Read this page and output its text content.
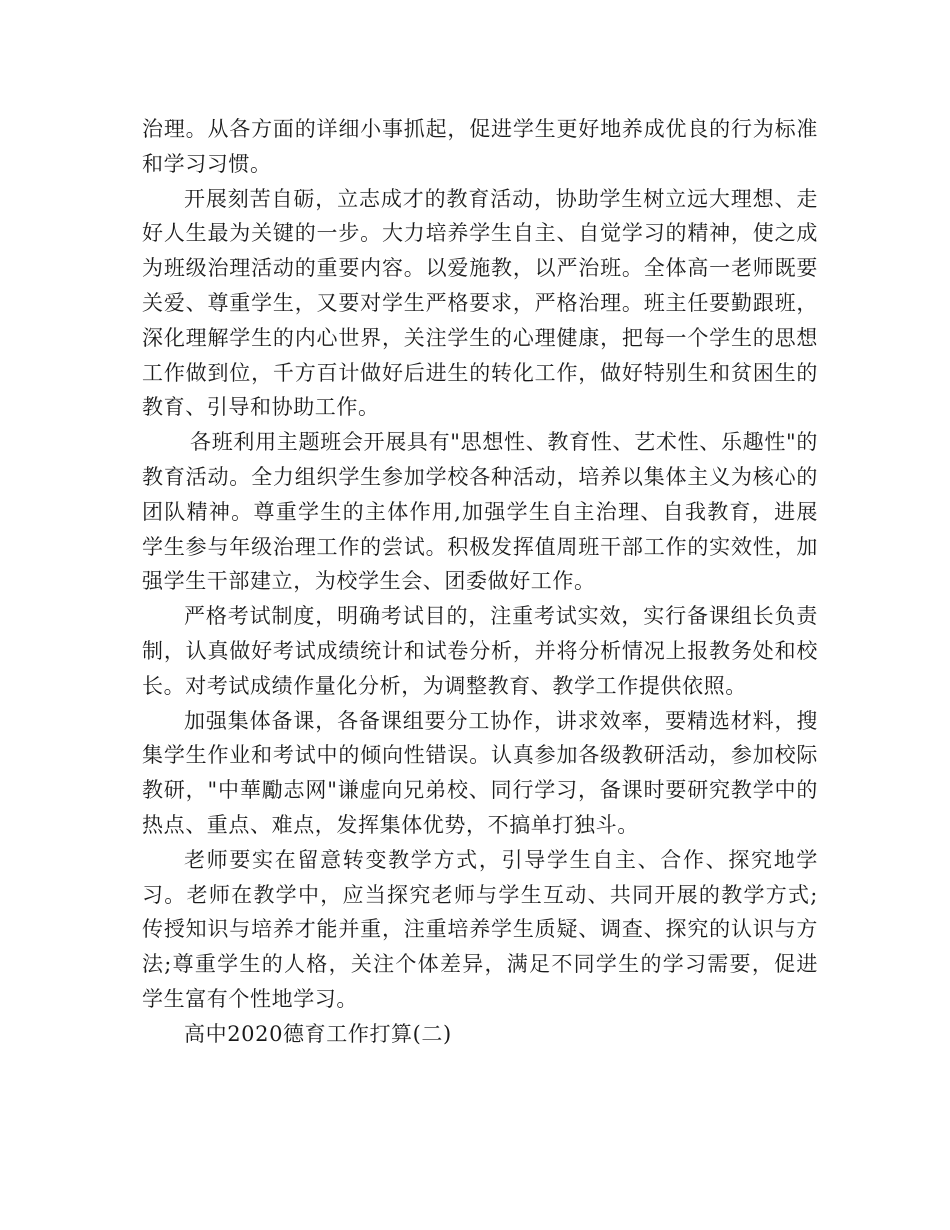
治理。从各方面的详细小事抓起，促进学生更好地养成优良的行为标准和学习习惯。

开展刻苦自砺，立志成才的教育活动，协助学生树立远大理想、走好人生最为关键的一步。大力培养学生自主、自觉学习的精神，使之成为班级治理活动的重要内容。以爱施教，以严治班。全体高一老师既要关爱、尊重学生，又要对学生严格要求，严格治理。班主任要勤跟班，深化理解学生的内心世界，关注学生的心理健康，把每一个学生的思想工作做到位，千方百计做好后进生的转化工作，做好特别生和贫困生的教育、引导和协助工作。

各班利用主题班会开展具有"思想性、教育性、艺术性、乐趣性"的教育活动。全力组织学生参加学校各种活动，培养以集体主义为核心的团队精神。尊重学生的主体作用,加强学生自主治理、自我教育，进展学生参与年级治理工作的尝试。积极发挥值周班干部工作的实效性，加强学生干部建立，为校学生会、团委做好工作。

严格考试制度，明确考试目的，注重考试实效，实行备课组长负责制，认真做好考试成绩统计和试卷分析，并将分析情况上报教务处和校长。对考试成绩作量化分析，为调整教育、教学工作提供依照。

加强集体备课，各备课组要分工协作，讲求效率，要精选材料，搜集学生作业和考试中的倾向性错误。认真参加各级教研活动，参加校际教研，"中華勵志网"谦虚向兄弟校、同行学习，备课时要研究教学中的热点、重点、难点，发挥集体优势，不搞单打独斗。

老师要实在留意转变教学方式，引导学生自主、合作、探究地学习。老师在教学中，应当探究老师与学生互动、共同开展的教学方式;传授知识与培养才能并重，注重培养学生质疑、调查、探究的认识与方法;尊重学生的人格，关注个体差异，满足不同学生的学习需要，促进学生富有个性地学习。

高中2020德育工作打算(二)
